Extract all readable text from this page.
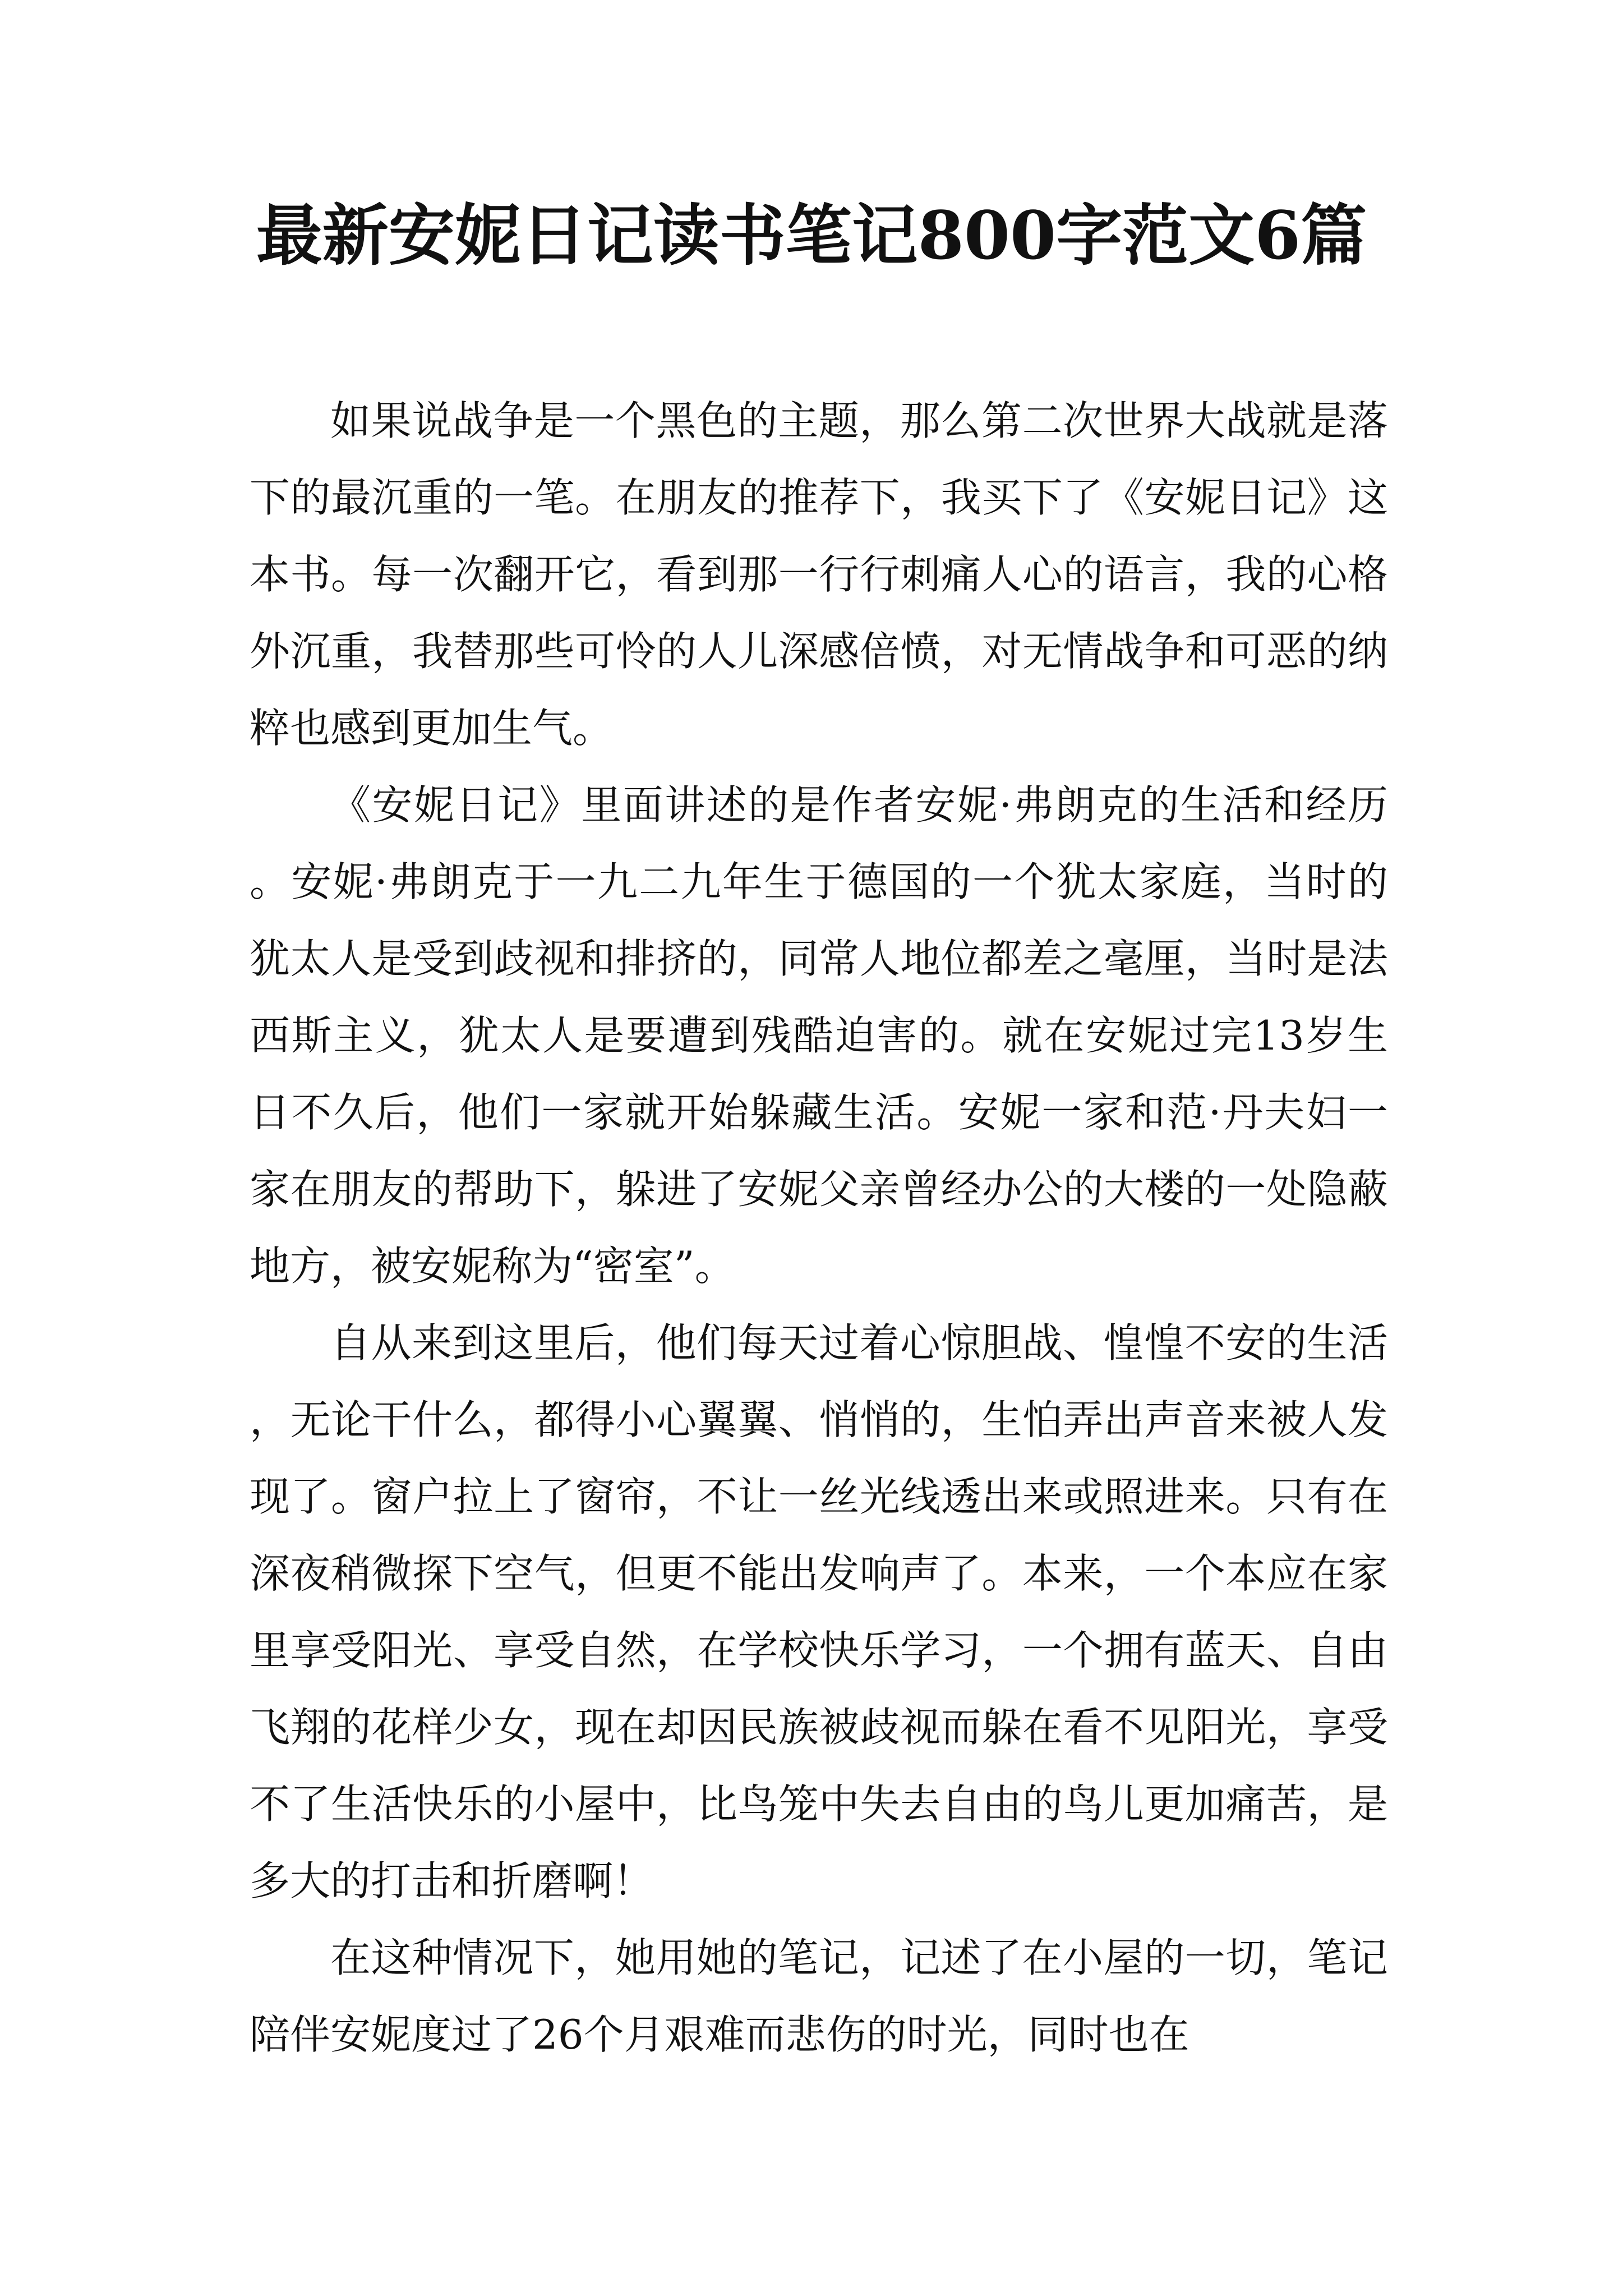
最新安妮日记读书笔记800字范文6篇

如果说战争是一个黑色的主题，那么第二次世界大战就是落下的最沉重的一笔。在朋友的推荐下，我买下了《安妮日记》这本书。每一次翻开它，看到那一行行刺痛人心的语言，我的心格外沉重，我替那些可怜的人儿深感倍愤，对无情战争和可恶的纳粹也感到更加生气。

《安妮日记》里面讲述的是作者安妮·弗朗克的生活和经历。安妮·弗朗克于一九二九年生于德国的一个犹太家庭，当时的犹太人是受到歧视和排挤的，同常人地位都差之毫厘，当时是法西斯主义，犹太人是要遭到残酷迫害的。就在安妮过完13岁生日不久后，他们一家就开始躲藏生活。安妮一家和范·丹夫妇一家在朋友的帮助下，躲进了安妮父亲曾经办公的大楼的一处隐蔽地方，被安妮称为“密室”。

自从来到这里后，他们每天过着心惊胆战、惶惶不安的生活，无论干什么，都得小心翼翼、悄悄的，生怕弄出声音来被人发现了。窗户拉上了窗帘，不让一丝光线透出来或照进来。只有在深夜稍微探下空气，但更不能出发响声了。本来，一个本应在家里享受阳光、享受自然，在学校快乐学习，一个拥有蓝天、自由飞翔的花样少女，现在却因民族被歧视而躲在看不见阳光，享受不了生活快乐的小屋中，比鸟笼中失去自由的鸟儿更加痛苦，是多大的打击和折磨啊！

在这种情况下，她用她的笔记，记述了在小屋的一切，笔记陪伴安妮度过了26个月艰难而悲伤的时光，同时也在
